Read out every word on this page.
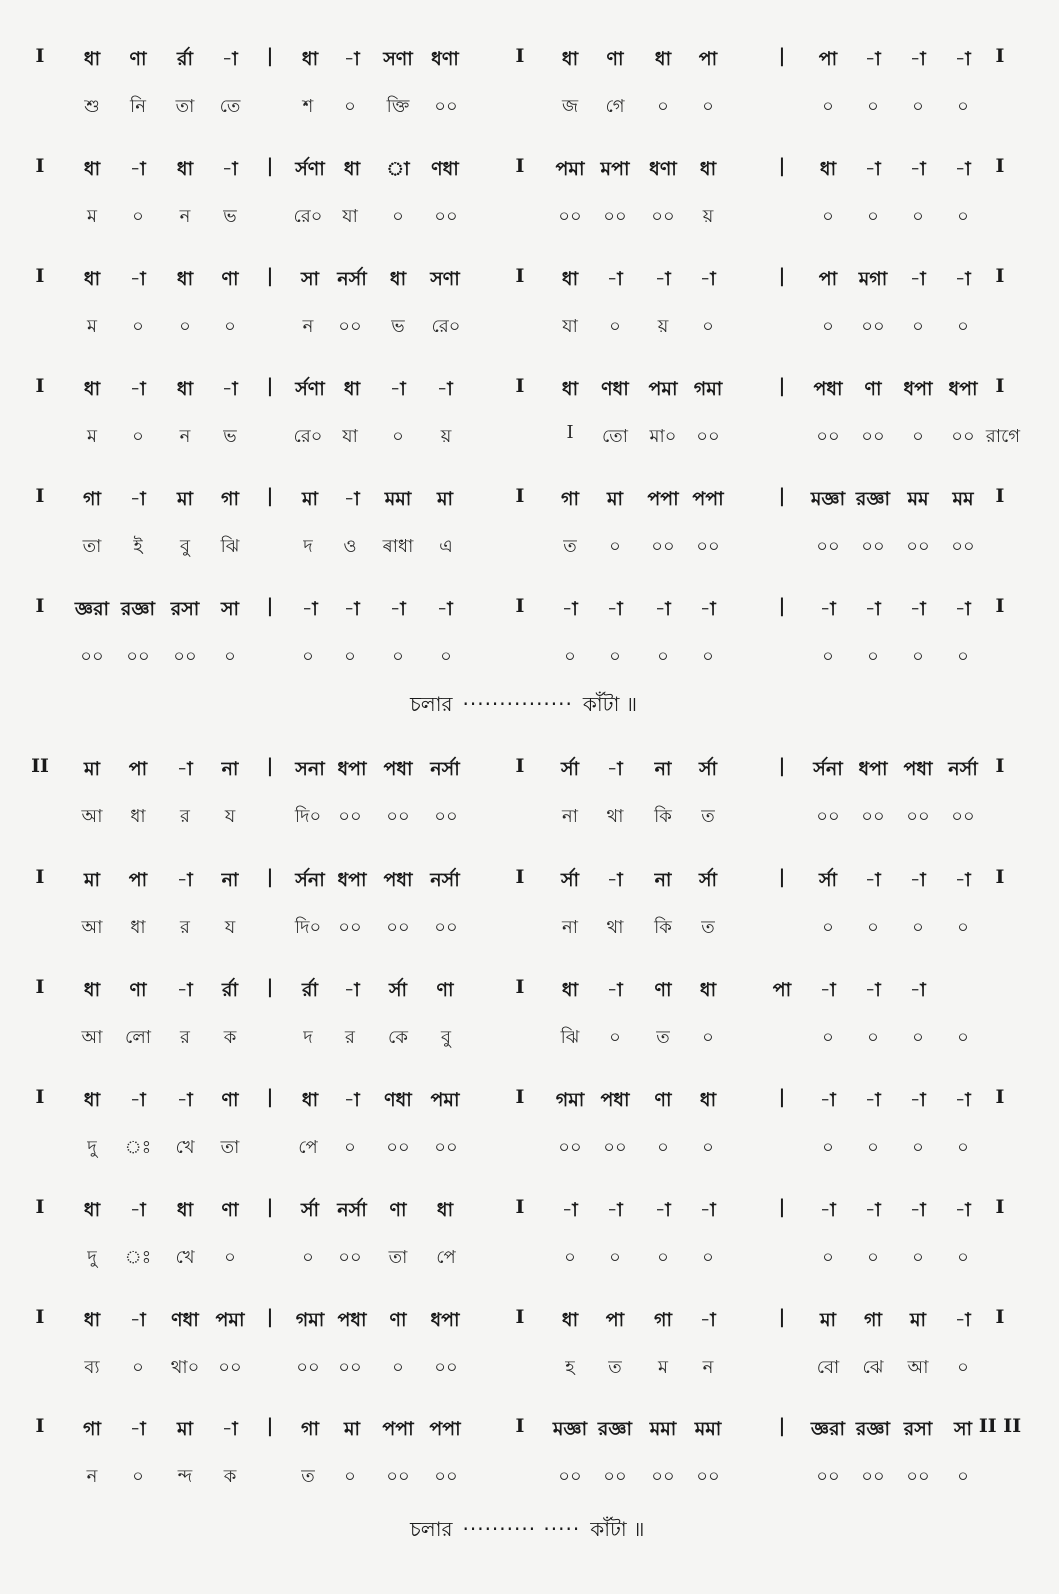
I ধা ণা র্রা -া | ধা -া সণা ধণা	I ধা ণা ধা পা	| পা -া -া -া I
শু নি তা তে	শ ০ ক্তি ০০	জ গে ০ ০	০ ০ ০ ০
I ধা -া ধা -া | র্সণা ধা া ণধা	I পমা মপা ধণা ধা	| ধা -া -া -া I
ম ০ ন ভ	রে০ যা ০ ০০	০০ ০০ ০০ য়	০ ০ ০ ০
I ধা -া ধা ণা | সা নর্সা ধা সণা	I ধা -া -া -া	| পা মগা -া -া I
ম ০ ০ ০	ন ০০ ভ রে০	যা ০ য় ০	০ ০০ ০ ০
I ধা -া ধা -া | র্সণা ধা -া -া	I ধা ণধা পমা গমা	| পধা ণা ধপা ধপা I
ম ০ ন ভ	রে০ যা ০ য়	I তো মা০ ০০	০০ ০০ ০ ০০ রাগে
I গা -া মা গা | মা -া মমা মা	I গা মা পপা পপা	| মজ্ঞা রজ্ঞা মম মম I
তা ই বু ঝি	দ ও ৰাধা এ	ত ০ ০০ ০০	০০ ০০ ০০ ০০
I জ্ঞরা রজ্ঞা রসা সা | -া -া -া -া	I -া -া -া -া	| -া -া -া -া I
০০ ০০ ০০ ০	০ ০ ০ ০	০ ০ ০ ০	০ ০ ০ ০
চলার ··············· কাঁটা ॥
II মা পা -া না | সনা ধপা পধা নর্সা	I র্সা -া না র্সা	| র্সনা ধপা পধা নর্সা I
আ ধা র য	দি০ ০০ ০০ ০০	না থা কি ত	০০ ০০ ০০ ০০
I মা পা -া না | র্সনা ধপা পধা নর্সা	I র্সা -া না র্সা	| র্সা -া -া -া I
আ ধা র য	দি০ ০০ ০০ ০০	না থা কি ত	০ ০ ০ ০
I ধা ণা -া র্রা | র্রা -া র্সা ণা	I ধা -া ণা ধা	পা -া -া -া
আ লো র ক	দ র কে বু	ঝি ০ ত ০	০ ০ ০ ০
I ধা -া -া ণা | ধা -া ণধা পমা	I গমা পধা ণা ধা	| -া -া -া -া I
দু ঃ খে তা	পে ০ ০০ ০০	০০ ০০ ০ ০	০ ০ ০ ০
I ধা -া ধা ণা | র্সা নর্সা ণা ধা	I -া -া -া -া	| -া -া -া -া I
দু ঃ খে ০	০ ০০ তা পে	০ ০ ০ ০	০ ০ ০ ০
I ধা -া ণধা পমা | গমা পধা ণা ধপা	I ধা পা গা -া	| মা গা মা -া I
ব্য ০ থা০ ০০	০০ ০০ ০ ০০	হ ত ম ন	বো ঝে আ ০
I গা -া মা -া | গা মা পপা পপা	I মজ্ঞা রজ্ঞা মমা মমা	| জ্ঞরা রজ্ঞা রসা সা II II
ন ০ ন্দ ক	ত ০ ০০ ০০	০০ ০০ ০০ ০০	০০ ০০ ০০ ০
চলার ·········· ····· কাঁটা ॥
